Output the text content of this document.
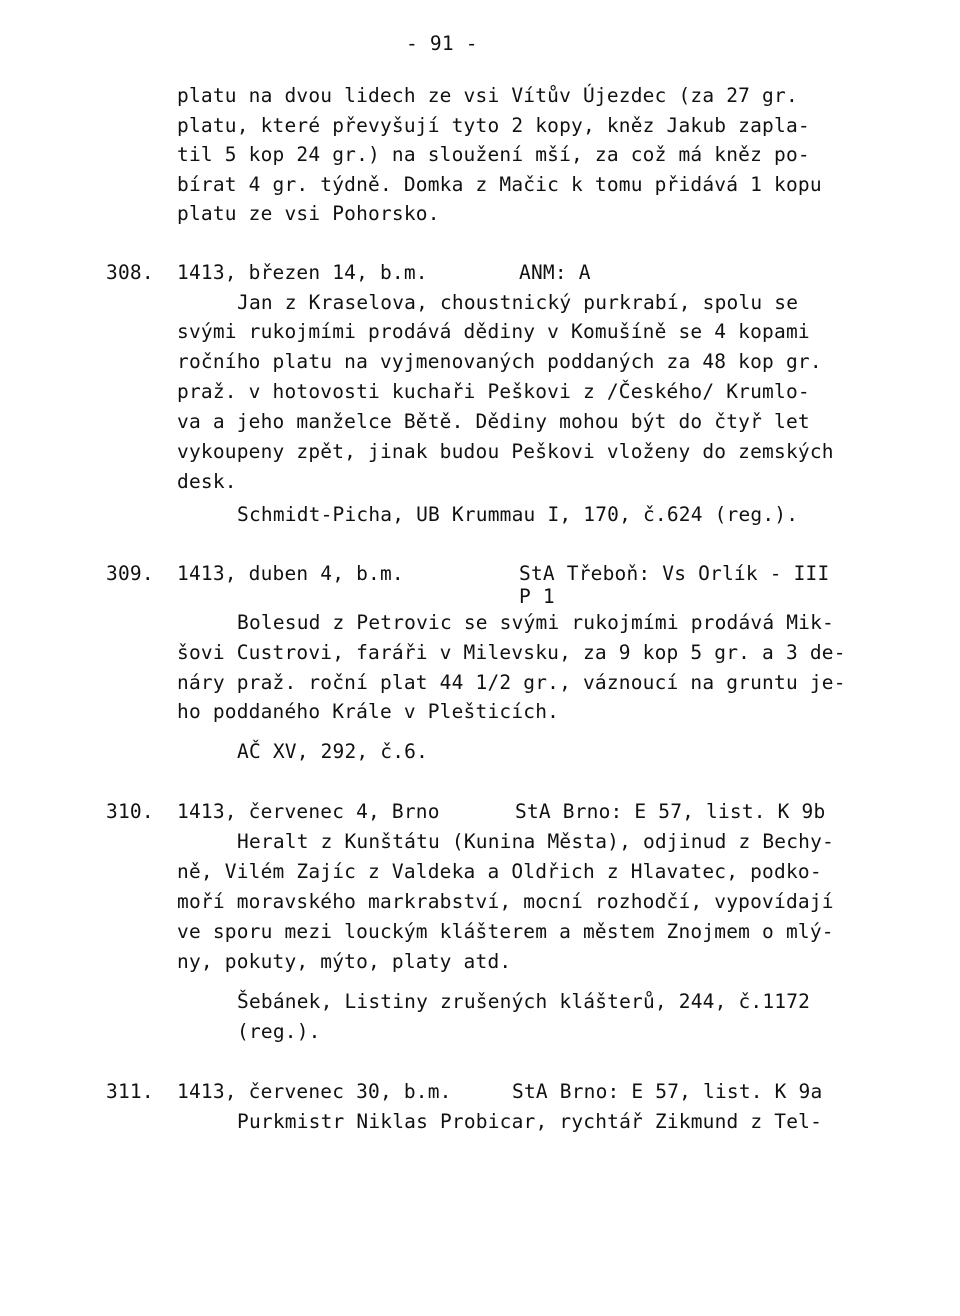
- 91 -
platu na dvou lidech ze vsi Vítův Újezdec (za 27 gr.
platu, které převyšují tyto 2 kopy, kněz Jakub zapla-
til 5 kop 24 gr.) na sloužení mší, za což má kněz po-
bírat 4 gr. týdně. Domka z Mačic k tomu přidává 1 kopu
platu ze vsi Pohorsko.
308. 1413, březen 14, b.m.	ANM: A
Jan z Kraselova, choustnický purkrabí, spolu se
svými rukojmími prodává dědiny v Komušíně se 4 kopami
ročního platu na vyjmenovaných poddaných za 48 kop gr.
praž. v hotovosti kuchaři Peškovi z /Českého/ Krumlo-
va a jeho manželce Bětě. Dědiny mohou být do čtyř let
vykoupeny zpět, jinak budou Peškovi vloženy do zemských
desk.
Schmidt-Picha, UB Krummau I, 170, č.624 (reg.).
309. 1413, duben 4, b.m.	StA Třeboň: Vs Orlík - III
P 1
Bolesud z Petrovic se svými rukojmími prodává Mik-
šovi Custrovi, faráři v Milevsku, za 9 kop 5 gr. a 3 de-
náry praž. roční plat 44 1/2 gr., váznoucí na gruntu je-
ho poddaného Krále v Plešticích.
AČ XV, 292, č.6.
310. 1413, červenec 4, Brno	StA Brno: E 57, list. K 9b
Heralt z Kunštátu (Kunina Města), odjinud z Bechy-
ně, Vilém Zajíc z Valdeka a Oldřich z Hlavatec, podko-
moří moravského markrabství, mocní rozhodčí, vypovídají
ve sporu mezi louckým klášterem a městem Znojmem o mlý-
ny, pokuty, mýto, platy atd.
Šebánek, Listiny zrušených klášterů, 244, č.1172
(reg.).
311. 1413, červenec 30, b.m.	StA Brno: E 57, list. K 9a
Purkmistr Niklas Probicar, rychtář Zikmund z Tel-
